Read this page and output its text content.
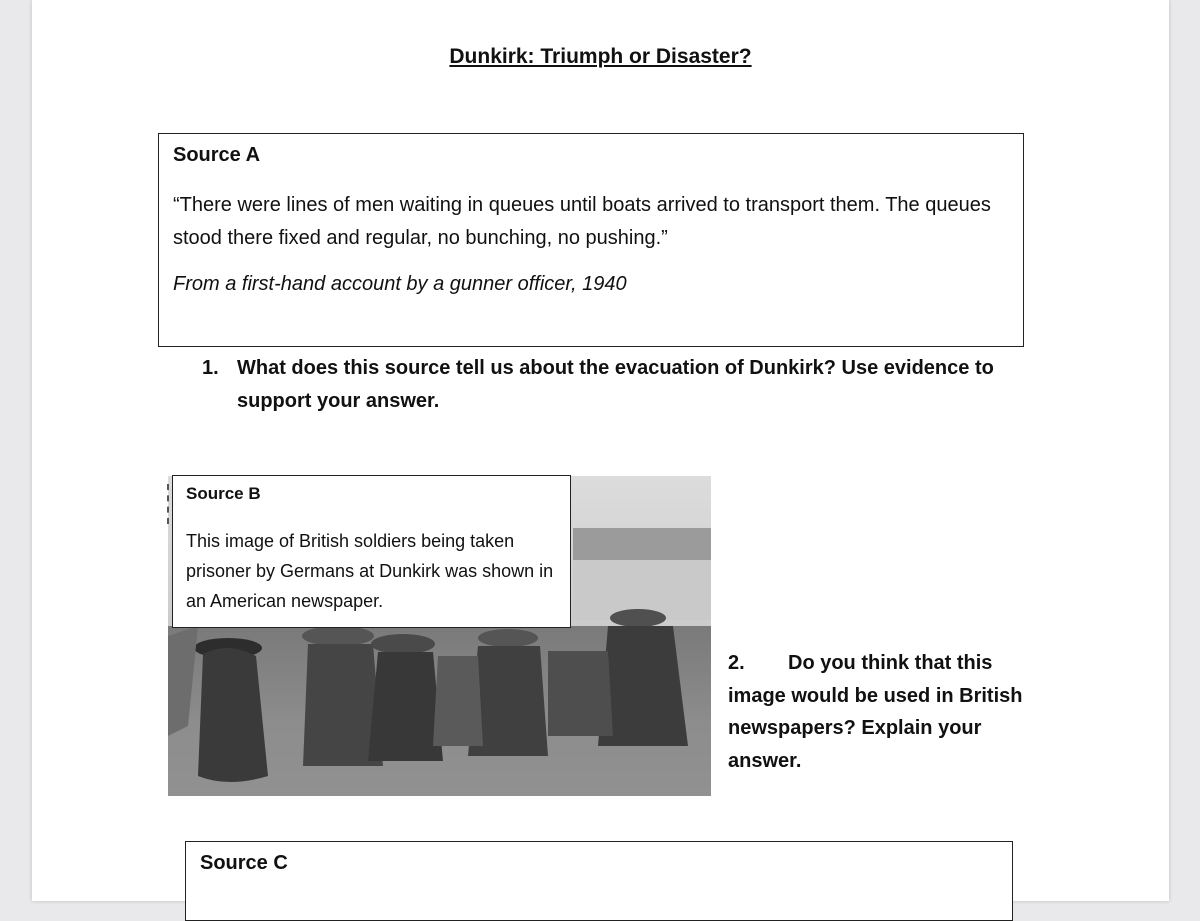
Dunkirk: Triumph or Disaster?
Source A
“There were lines of men waiting in queues until boats arrived to transport them. The queues stood there fixed and regular, no bunching, no pushing.”
From a first-hand account by a gunner officer, 1940
1. What does this source tell us about the evacuation of Dunkirk? Use evidence to support your answer.
Source B
This image of British soldiers being taken prisoner by Germans at Dunkirk was shown in an American newspaper.
2. Do you think that this image would be used in British newspapers? Explain your answer.
Source C
